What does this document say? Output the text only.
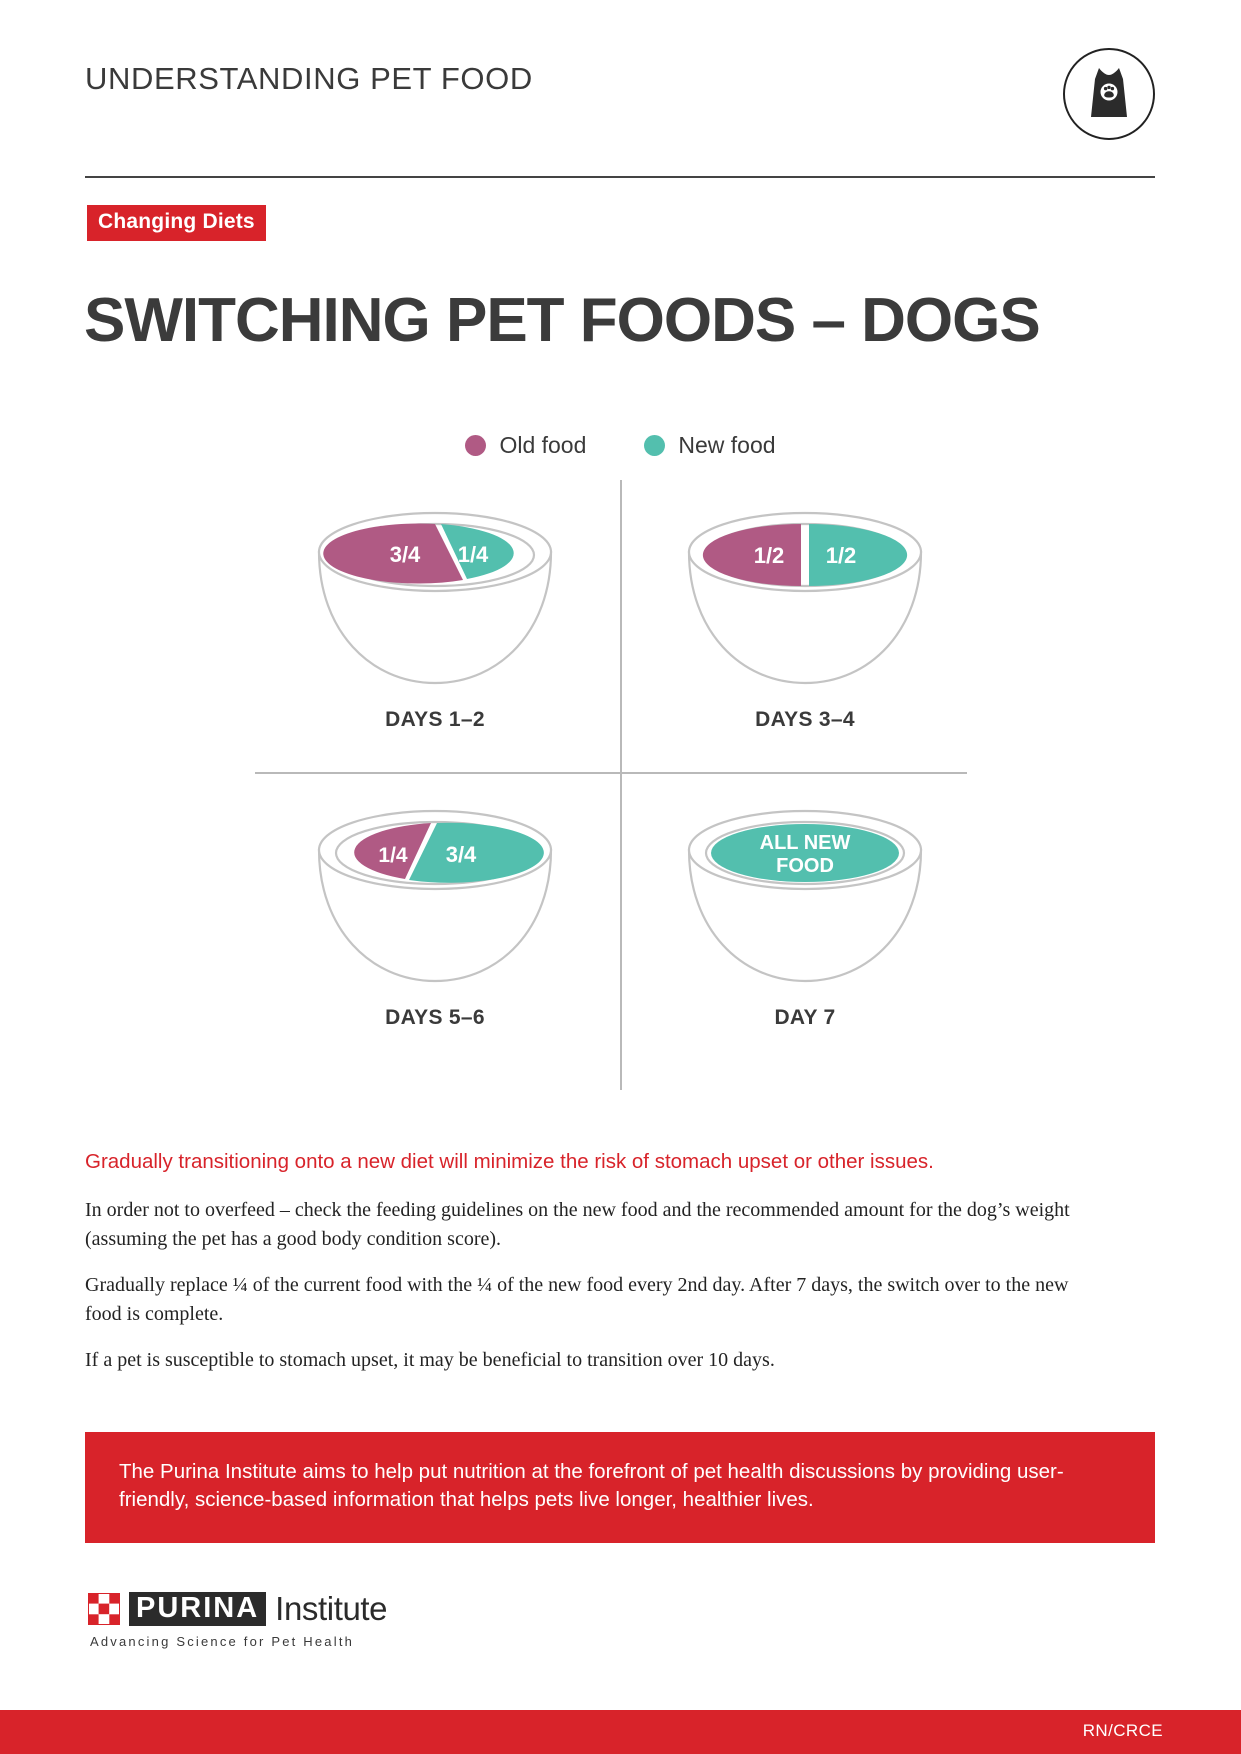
UNDERSTANDING PET FOOD
Changing Diets
SWITCHING PET FOODS – DOGS
Old food	New food
3/4 1/4
DAYS 1–2
1/2 1/2
DAYS 3–4
1/4 3/4
DAYS 5–6
ALL NEW
FOOD
DAY 7
Gradually transitioning onto a new diet will minimize the risk of stomach upset or other issues.

In order not to overfeed – check the feeding guidelines on the new food and the recommended amount for the dog’s weight (assuming the pet has a good body condition score).

Gradually replace ¼ of the current food with the ¼ of the new food every 2nd day. After 7 days, the switch over to the new food is complete.

If a pet is susceptible to stomach upset, it may be beneficial to transition over 10 days.

The Purina Institute aims to help put nutrition at the forefront of pet health discussions by providing user-friendly, science-based information that helps pets live longer, healthier lives.
PURINA Institute
Advancing Science for Pet Health
RN/CRCE
